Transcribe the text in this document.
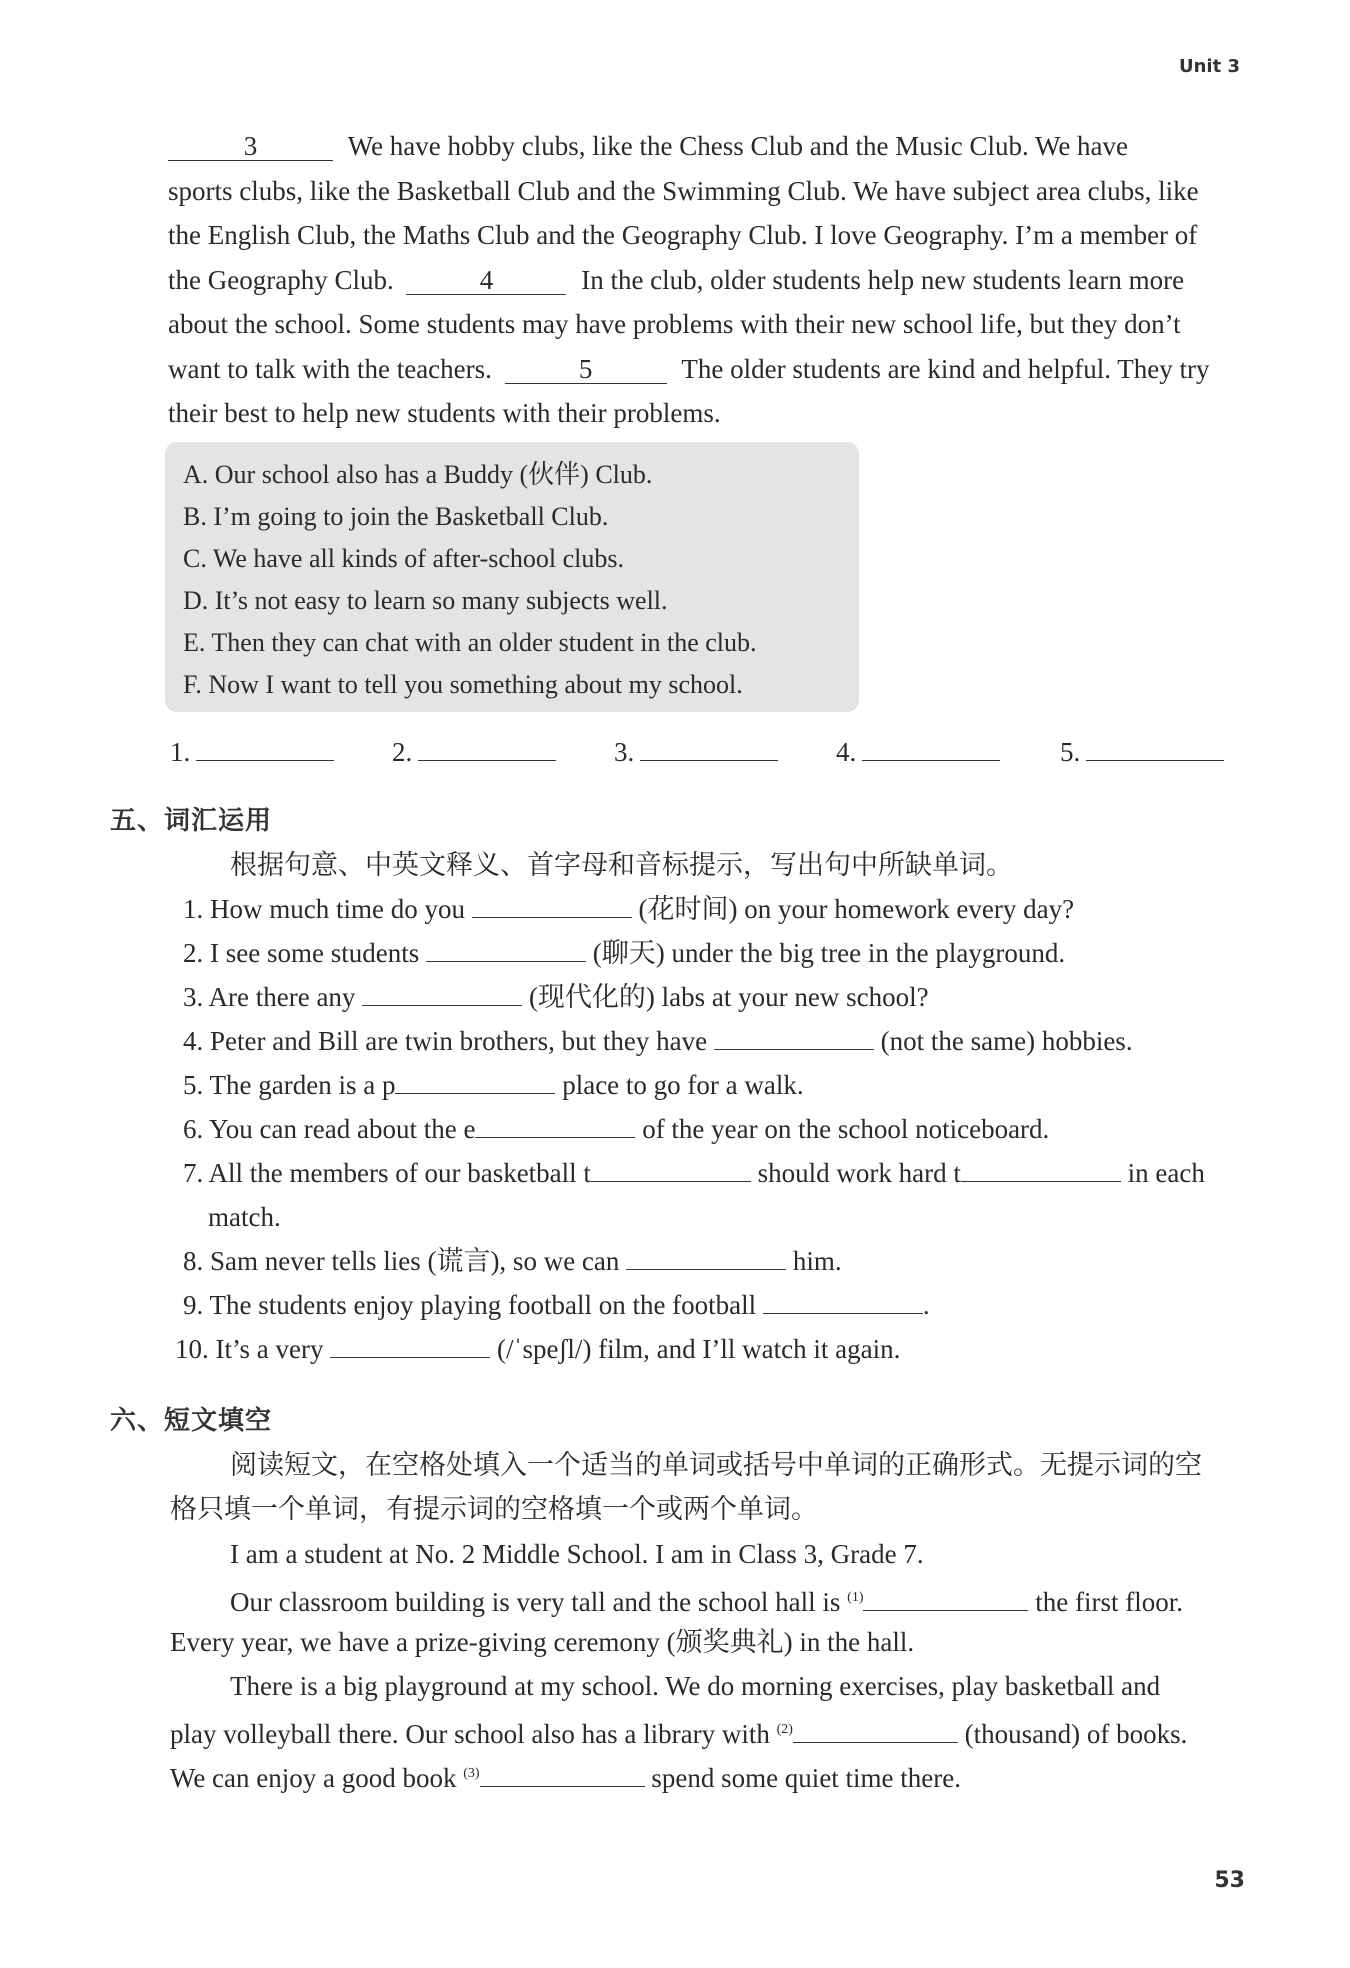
Unit 3
3	We have hobby clubs, like the Chess Club and the Music Club. We have
sports clubs, like the Basketball Club and the Swimming Club. We have subject area clubs, like
the English Club, the Maths Club and the Geography Club. I love Geography. I’m a member of
the Geography Club.	4	In the club, older students help new students learn more
about the school. Some students may have problems with their new school life, but they don’t
want to talk with the teachers.	5	The older students are kind and helpful. They try
their best to help new students with their problems.
A. Our school also has a Buddy (伙伴) Club.
B. I’m going to join the Basketball Club.
C. We have all kinds of after-school clubs.
D. It’s not easy to learn so many subjects well.
E. Then they can chat with an older student in the club.
F. Now I want to tell you something about my school.
1.	2.	3.	4.	5.
五、词汇运用
根据句意、中英文释义、首字母和音标提示，写出句中所缺单词。
1. How much time do you	(花时间) on your homework every day?
2. I see some students	(聊天) under the big tree in the playground.
3. Are there any	(现代化的) labs at your new school?
4. Peter and Bill are twin brothers, but they have	(not the same) hobbies.
5. The garden is a p	place to go for a walk.
6. You can read about the e	of the year on the school noticeboard.
7. All the members of our basketball t	should work hard t	in each
match.
8. Sam never tells lies (谎言), so we can	him.
9. The students enjoy playing football on the football	.
10. It’s a very	(/ˈspeʃl/) film, and I’ll watch it again.
六、短文填空
阅读短文，在空格处填入一个适当的单词或括号中单词的正确形式。无提示词的空
格只填一个单词，有提示词的空格填一个或两个单词。
I am a student at No. 2 Middle School. I am in Class 3, Grade 7.
Our classroom building is very tall and the school hall is $^{(1)}$	the first floor.
Every year, we have a prize-giving ceremony (颁奖典礼) in the hall.
There is a big playground at my school. We do morning exercises, play basketball and
play volleyball there. Our school also has a library with $^{(2)}$	(thousand) of books.
We can enjoy a good book $^{(3)}$	spend some quiet time there.
53
